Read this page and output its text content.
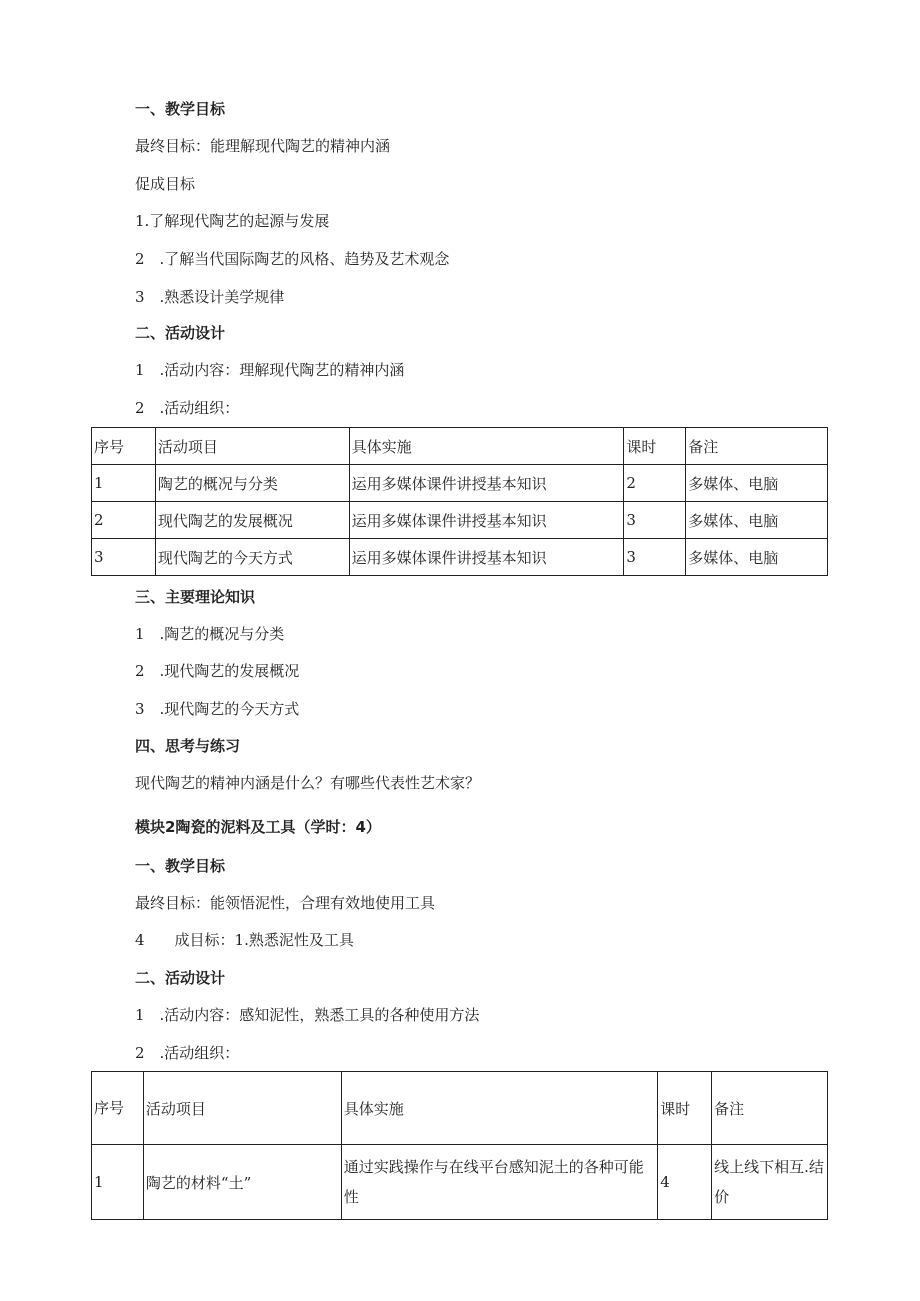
一、教学目标
最终目标：能理解现代陶艺的精神内涵
促成目标
1.了解现代陶艺的起源与发展
2　.了解当代国际陶艺的风格、趋势及艺术观念
3　.熟悉设计美学规律
二、活动设计
1　.活动内容：理解现代陶艺的精神内涵
2　.活动组织：
序号	活动项目	具体实施	课时	备注
1	陶艺的概况与分类	运用多媒体课件讲授基本知识	2	多媒体、电脑
2	现代陶艺的发展概况	运用多媒体课件讲授基本知识	3	多媒体、电脑
3	现代陶艺的今天方式	运用多媒体课件讲授基本知识	3	多媒体、电脑
三、主要理论知识
1　.陶艺的概况与分类
2　.现代陶艺的发展概况
3　.现代陶艺的今天方式
四、思考与练习
现代陶艺的精神内涵是什么？有哪些代表性艺术家？
模块2陶瓷的泥料及工具（学时：4）
一、教学目标
最终目标：能领悟泥性，合理有效地使用工具
4　　成目标：1.熟悉泥性及工具
二、活动设计
1　.活动内容：感知泥性，熟悉工具的各种使用方法
2　.活动组织：
序号	活动项目	具体实施	课时	备注
1	陶艺的材料“土”	通过实践操作与在线平台感知泥土的各种可能性	4	线上线下相互.结价
